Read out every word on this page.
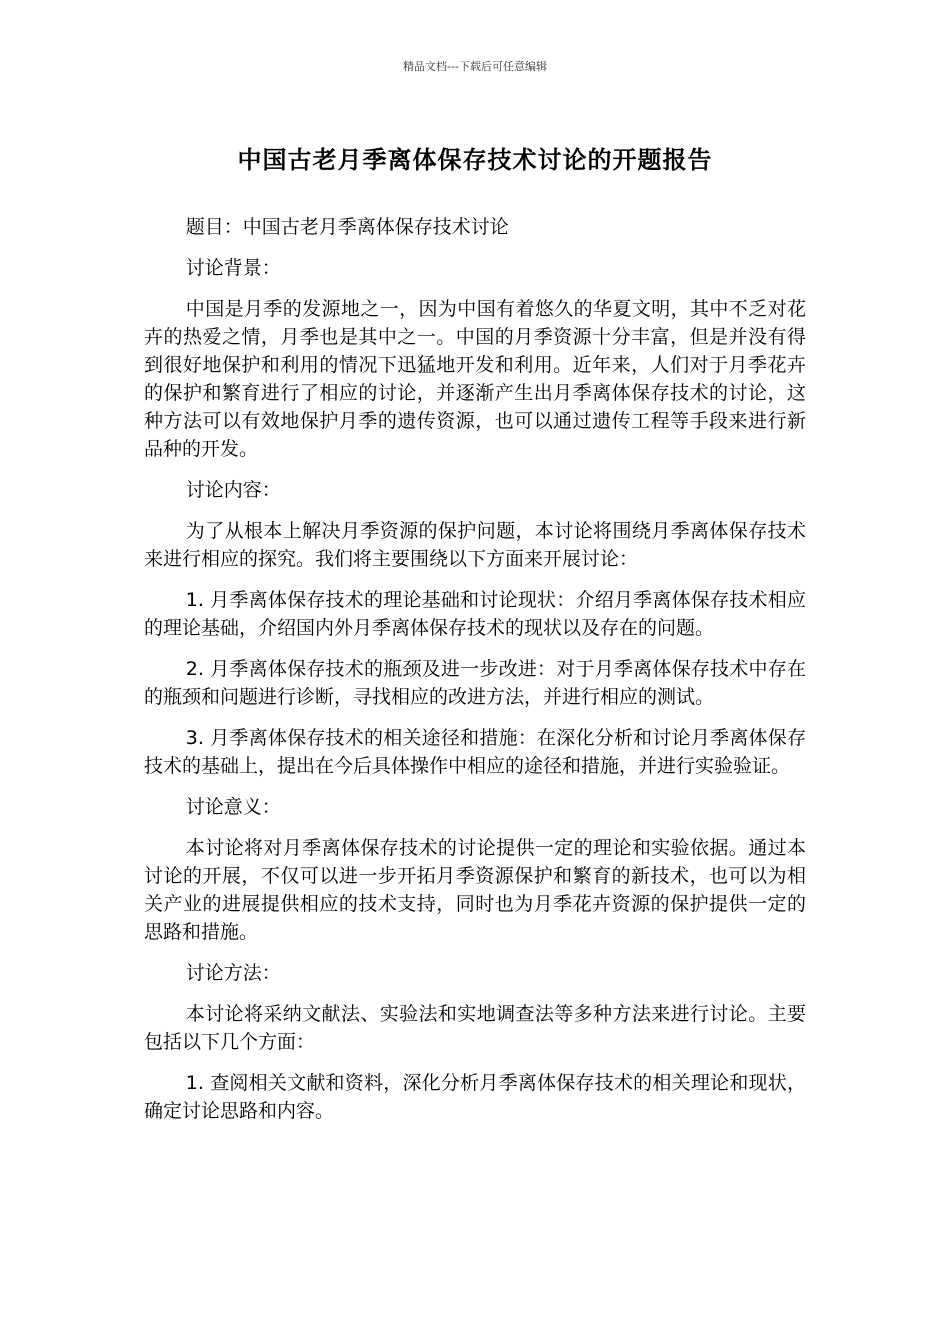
精品文档---下载后可任意编辑
中国古老月季离体保存技术讨论的开题报告

题目：中国古老月季离体保存技术讨论

讨论背景：

中国是月季的发源地之一，因为中国有着悠久的华夏文明，其中不乏对花卉的热爱之情，月季也是其中之一。中国的月季资源十分丰富，但是并没有得到很好地保护和利用的情况下迅猛地开发和利用。近年来，人们对于月季花卉的保护和繁育进行了相应的讨论，并逐渐产生出月季离体保存技术的讨论，这种方法可以有效地保护月季的遗传资源，也可以通过遗传工程等手段来进行新品种的开发。

讨论内容：

为了从根本上解决月季资源的保护问题，本讨论将围绕月季离体保存技术来进行相应的探究。我们将主要围绕以下方面来开展讨论：

1. 月季离体保存技术的理论基础和讨论现状：介绍月季离体保存技术相应的理论基础，介绍国内外月季离体保存技术的现状以及存在的问题。

2. 月季离体保存技术的瓶颈及进一步改进：对于月季离体保存技术中存在的瓶颈和问题进行诊断，寻找相应的改进方法，并进行相应的测试。

3. 月季离体保存技术的相关途径和措施：在深化分析和讨论月季离体保存技术的基础上，提出在今后具体操作中相应的途径和措施，并进行实验验证。

讨论意义：

本讨论将对月季离体保存技术的讨论提供一定的理论和实验依据。通过本讨论的开展，不仅可以进一步开拓月季资源保护和繁育的新技术，也可以为相关产业的进展提供相应的技术支持，同时也为月季花卉资源的保护提供一定的思路和措施。

讨论方法：

本讨论将采纳文献法、实验法和实地调查法等多种方法来进行讨论。主要包括以下几个方面：

1. 查阅相关文献和资料，深化分析月季离体保存技术的相关理论和现状，确定讨论思路和内容。
